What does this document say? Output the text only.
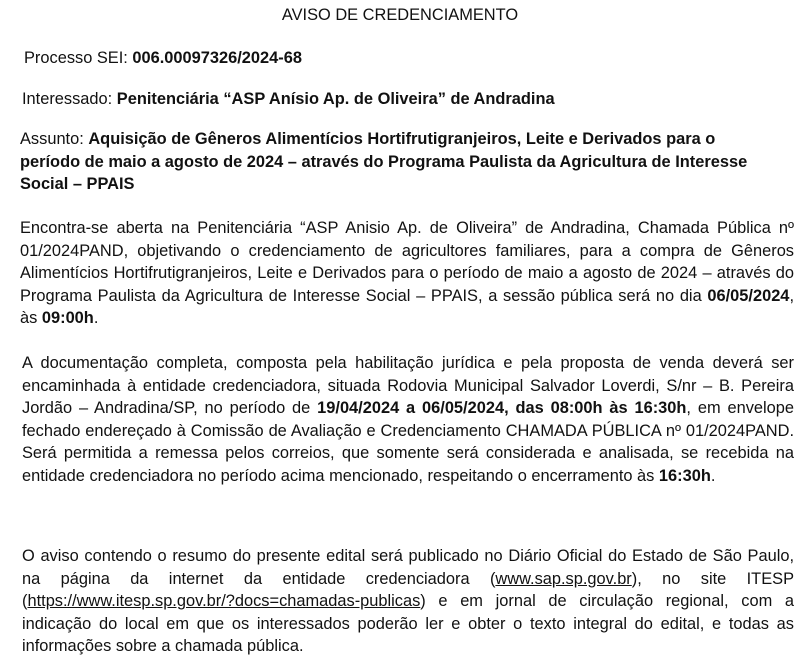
AVISO DE CREDENCIAMENTO
Processo SEI: 006.00097326/2024-68
Interessado: Penitenciária “ASP Anísio Ap. de Oliveira” de Andradina
Assunto: Aquisição de Gêneros Alimentícios Hortifrutigranjeiros, Leite e Derivados para o
período de maio a agosto de 2024 – através do Programa Paulista da Agricultura de Interesse
Social – PPAIS
Encontra-se aberta na Penitenciária “ASP Anisio Ap. de Oliveira” de Andradina, Chamada Pública nº 01/2024PAND, objetivando o credenciamento de agricultores familiares, para a compra de Gêneros Alimentícios Hortifrutigranjeiros, Leite e Derivados para o período de maio a agosto de 2024 – através do Programa Paulista da Agricultura de Interesse Social – PPAIS, a sessão pública será no dia 06/05/2024, às 09:00h.
A documentação completa, composta pela habilitação jurídica e pela proposta de venda deverá ser encaminhada à entidade credenciadora, situada Rodovia Municipal Salvador Loverdi, S/nr – B. Pereira Jordão – Andradina/SP, no período de 19/04/2024 a 06/05/2024, das 08:00h às 16:30h, em envelope fechado endereçado à Comissão de Avaliação e Credenciamento CHAMADA PÚBLICA nº 01/2024PAND. Será permitida a remessa pelos correios, que somente será considerada e analisada, se recebida na entidade credenciadora no período acima mencionado, respeitando o encerramento às 16:30h.
O aviso contendo o resumo do presente edital será publicado no Diário Oficial do Estado de São Paulo, na página da internet da entidade credenciadora (www.sap.sp.gov.br), no site ITESP (https://www.itesp.sp.gov.br/?docs=chamadas-publicas) e em jornal de circulação regional, com a indicação do local em que os interessados poderão ler e obter o texto integral do edital, e todas as informações sobre a chamada pública.
